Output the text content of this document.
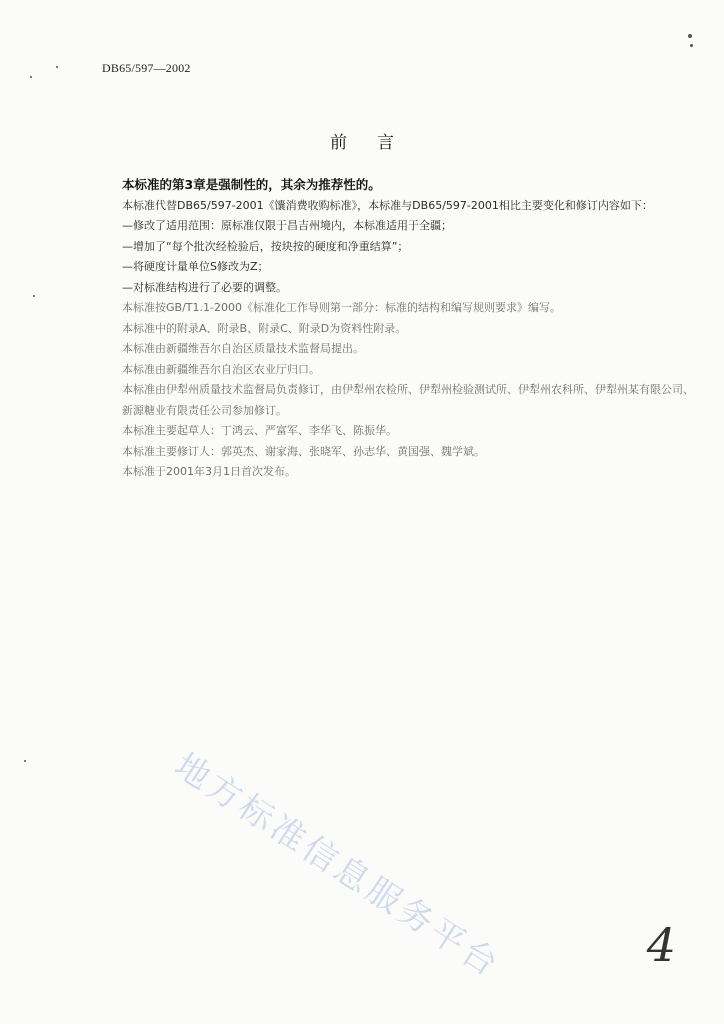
DB65/597—2002
前言

本标准的第3章是强制性的，其余为推荐性的。

本标准代替DB65/597-2001《馕消费收购标准》，本标准与DB65/597-2001相比主要变化和修订内容如下：

—修改了适用范围：原标准仅限于昌吉州境内，本标准适用于全疆；

—增加了“每个批次经检验后，按块按的硬度和净重结算”；

—将硬度计量单位S修改为Z；

—对标准结构进行了必要的调整。

本标准按GB/T1.1-2000《标准化工作导则第一部分：标准的结构和编写规则要求》编写。

本标准中的附录A、附录B、附录C、附录D为资料性附录。

本标准由新疆维吾尔自治区质量技术监督局提出。

本标准由新疆维吾尔自治区农业厅归口。

本标准由伊犁州质量技术监督局负责修订，由伊犁州农检所、伊犁州检验测试所、伊犁州农科所、伊犁州某有限公司、新源糖业有限责任公司参加修订。

本标准主要起草人：丁鸿云、严富军、李华飞、陈振华。

本标准主要修订人：郭英杰、谢家海、张晓军、孙志华、黄国强、魏学斌。

本标准于2001年3月1日首次发布。

地方标准信息服务平台	4
